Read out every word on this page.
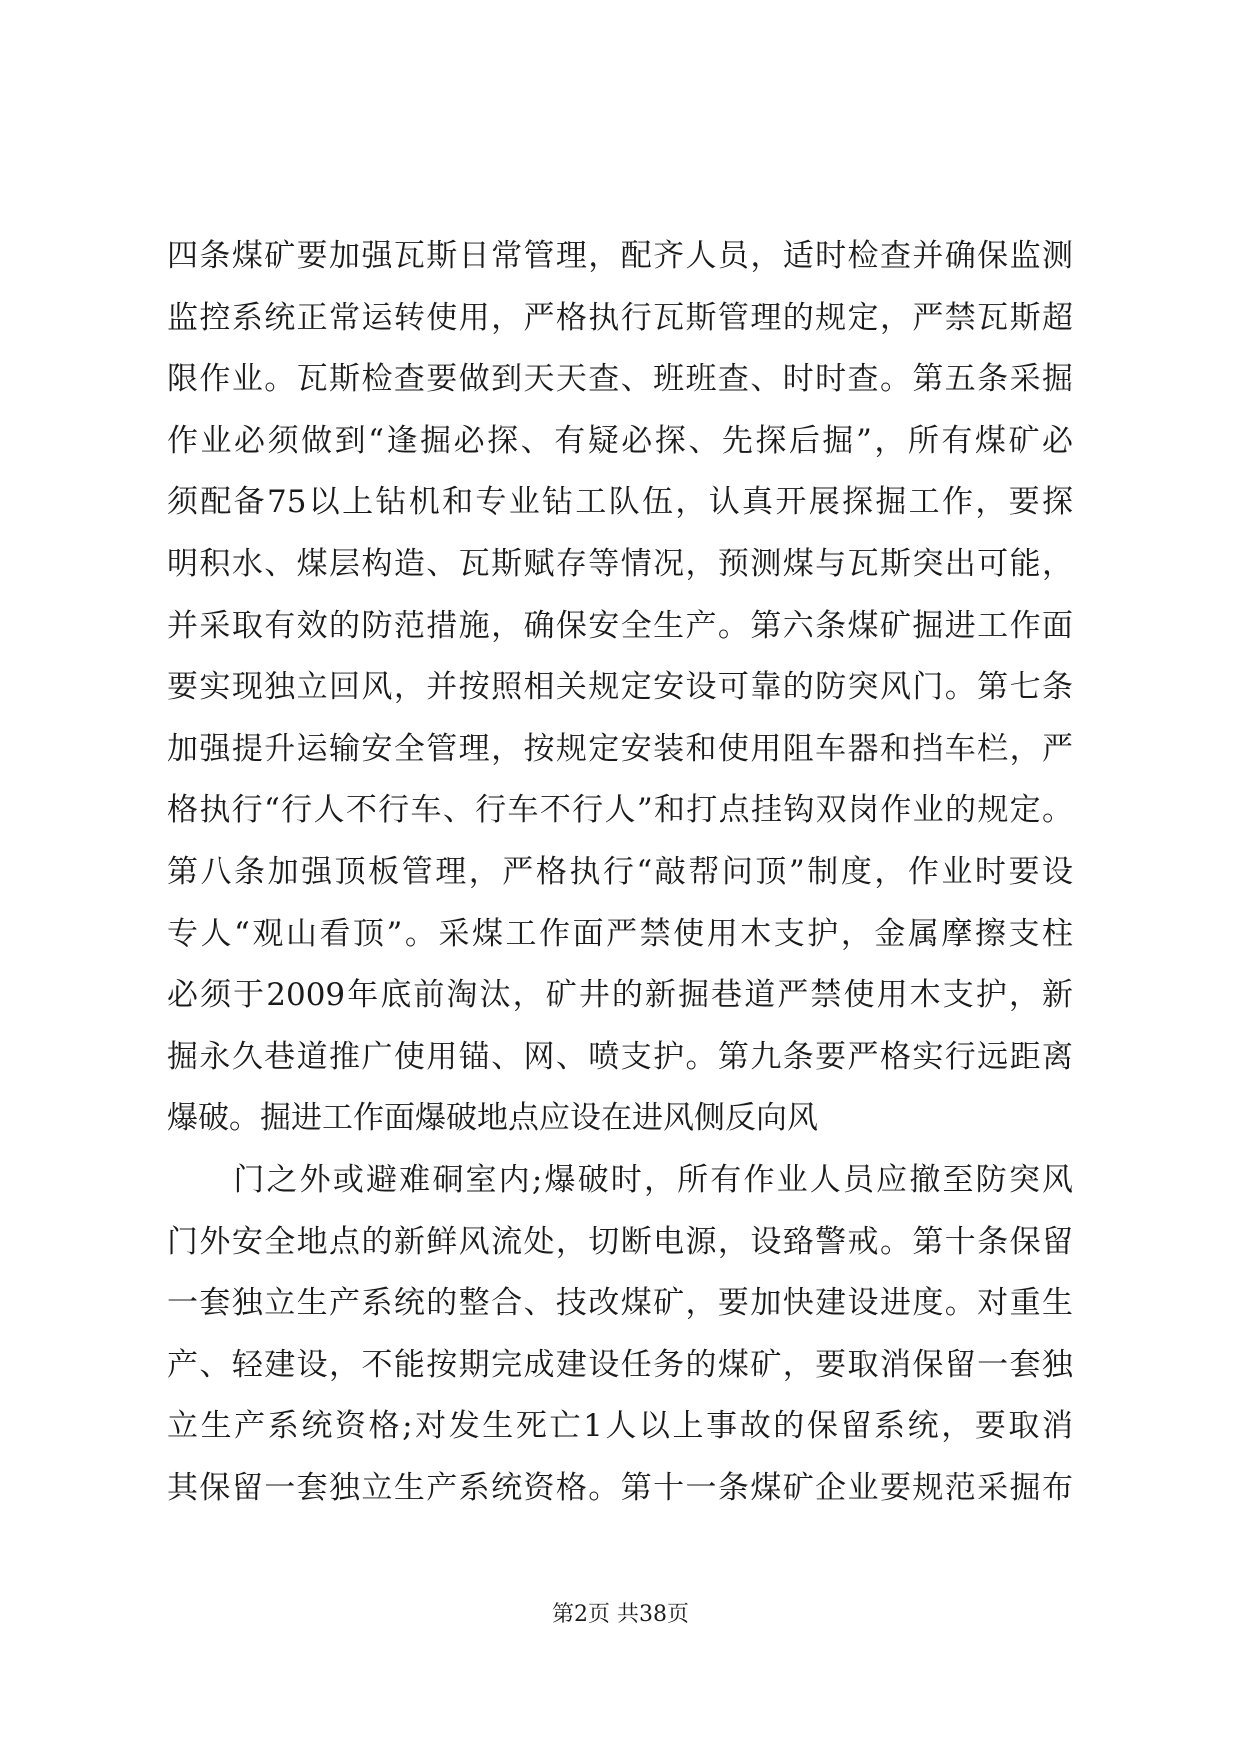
四条煤矿要加强瓦斯日常管理，配齐人员，适时检查并确保监测
监控系统正常运转使用，严格执行瓦斯管理的规定，严禁瓦斯超
限作业。瓦斯检查要做到天天查、班班查、时时查。第五条采掘
作业必须做到“逢掘必探、有疑必探、先探后掘”，所有煤矿必
须配备75以上钻机和专业钻工队伍，认真开展探掘工作，要探
明积水、煤层构造、瓦斯赋存等情况，预测煤与瓦斯突出可能，
并采取有效的防范措施，确保安全生产。第六条煤矿掘进工作面
要实现独立回风，并按照相关规定安设可靠的防突风门。第七条
加强提升运输安全管理，按规定安装和使用阻车器和挡车栏，严
格执行“行人不行车、行车不行人”和打点挂钩双岗作业的规定。
第八条加强顶板管理，严格执行“敲帮问顶”制度，作业时要设
专人“观山看顶”。采煤工作面严禁使用木支护，金属摩擦支柱
必须于2009年底前淘汰，矿井的新掘巷道严禁使用木支护，新
掘永久巷道推广使用锚、网、喷支护。第九条要严格实行远距离
爆破。掘进工作面爆破地点应设在进风侧反向风
　　门之外或避难硐室内;爆破时，所有作业人员应撤至防突风
门外安全地点的新鲜风流处，切断电源，设臵警戒。第十条保留
一套独立生产系统的整合、技改煤矿，要加快建设进度。对重生
产、轻建设，不能按期完成建设任务的煤矿，要取消保留一套独
立生产系统资格;对发生死亡1人以上事故的保留系统，要取消
其保留一套独立生产系统资格。第十一条煤矿企业要规范采掘布
第2页 共38页
